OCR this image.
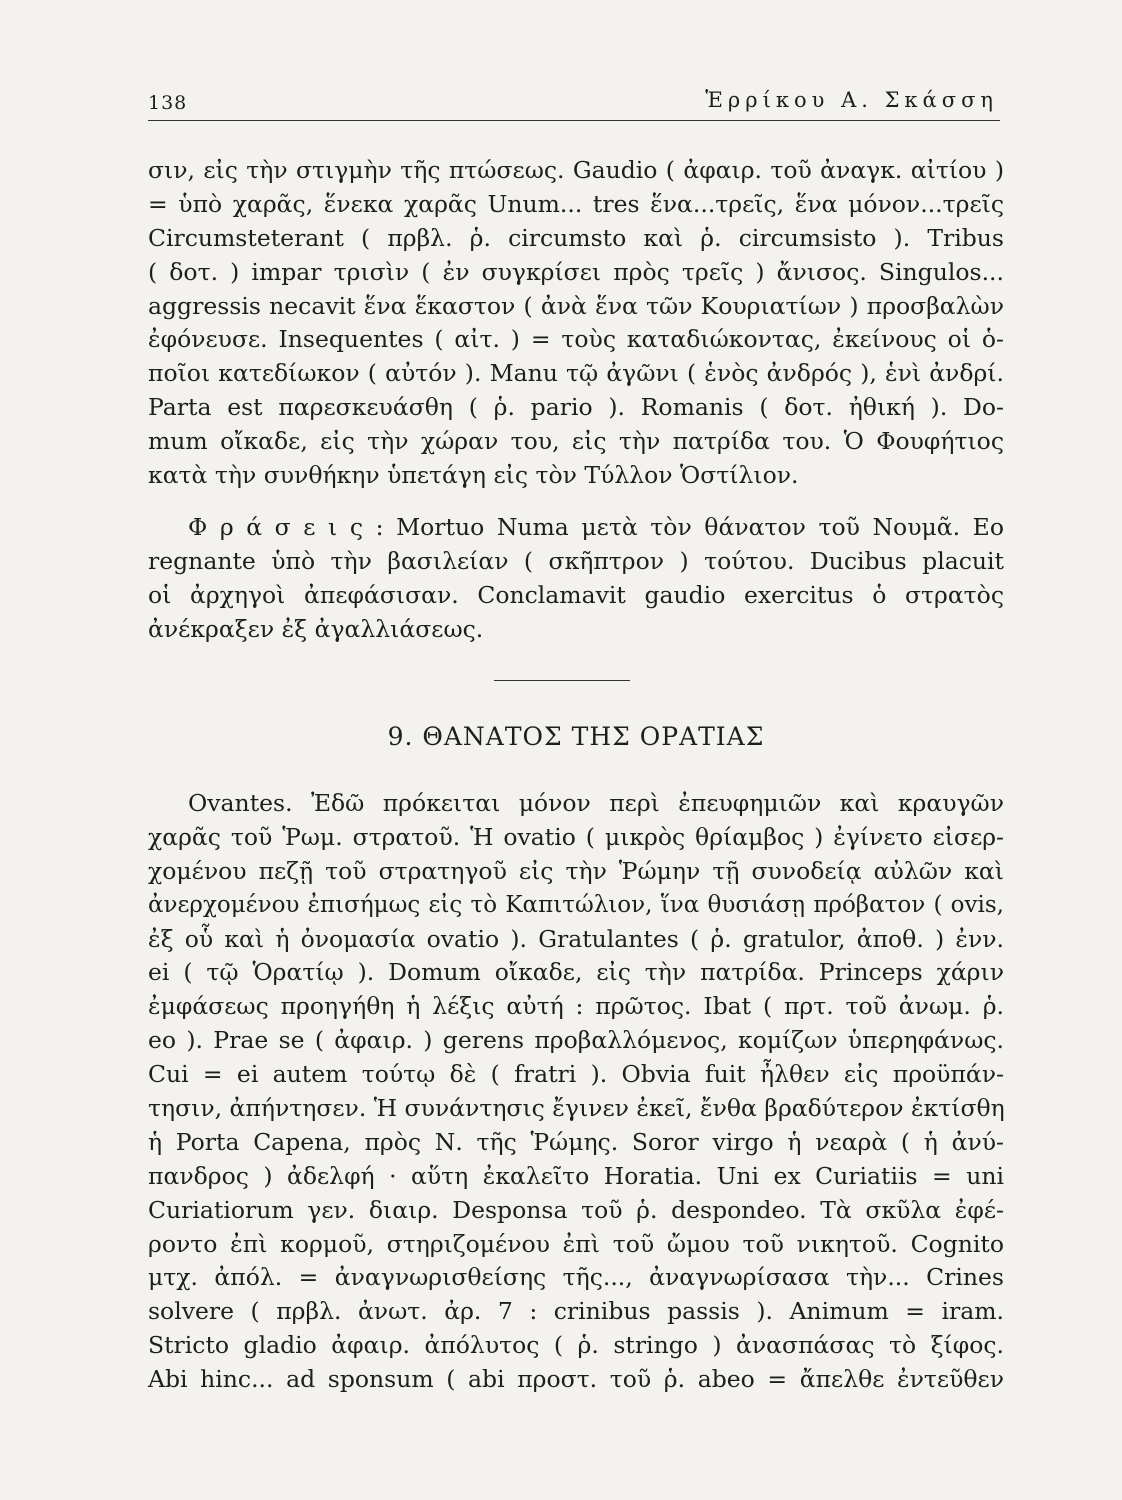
138	Ἑρρίκου Α. Σκάσση
σιν, εἰς τὴν στιγμὴν τῆς πτώσεως. Gaudio ( ἀφαιρ. τοῦ ἀναγκ. αἰτίου )
= ὑπὸ χαρᾶς, ἕνεκα χαρᾶς Unum... tres ἕνα...τρεῖς, ἕνα μόνον...τρεῖς
Circumsteterant ( πρβλ. ῥ. circumsto καὶ ῥ. circumsisto ). Tribus
( δοτ. ) impar τρισὶν ( ἐν συγκρίσει πρὸς τρεῖς ) ἄνισος. Singulos...
aggressis necavit ἕνα ἕκαστον ( ἀνὰ ἕνα τῶν Κουριατίων ) προσβαλὼν
ἐφόνευσε. Insequentes ( αἰτ. ) = τοὺς καταδιώκοντας, ἐκείνους οἱ ὁ-
ποῖοι κατεδίωκον ( αὐτόν ). Manu τῷ ἀγῶνι ( ἑνὸς ἀνδρός ), ἑνὶ ἀνδρί.
Parta est παρεσκευάσθη ( ῥ. pario ). Romanis ( δοτ. ἠθική ). Do-
mum οἴκαδε, εἰς τὴν χώραν του, εἰς τὴν πατρίδα του. Ὁ Φουφήτιος
κατὰ τὴν συνθήκην ὑπετάγη εἰς τὸν Τύλλον Ὁστίλιον.
Φ ρ ά σ ε ι ς : Mortuo Numa μετὰ τὸν θάνατον τοῦ Νουμᾶ. Eo
regnante ὑπὸ τὴν βασιλείαν ( σκῆπτρον ) τούτου. Ducibus placuit
οἱ ἀρχηγοὶ ἀπεφάσισαν. Conclamavit gaudio exercitus ὁ στρατὸς
ἀνέκραξεν ἐξ ἀγαλλιάσεως.
9. ΘΑΝΑΤΟΣ ΤΗΣ ΟΡΑΤΙΑΣ
Ovantes. Ἐδῶ πρόκειται μόνον περὶ ἐπευφημιῶν καὶ κραυγῶν
χαρᾶς τοῦ Ῥωμ. στρατοῦ. Ἡ ovatio ( μικρὸς θρίαμβος ) ἐγίνετο εἰσερ-
χομένου πεζῇ τοῦ στρατηγοῦ εἰς τὴν Ῥώμην τῇ συνοδείᾳ αὐλῶν καὶ
ἀνερχομένου ἐπισήμως εἰς τὸ Καπιτώλιον, ἵνα θυσιάσῃ πρόβατον ( ovis,
ἐξ οὗ καὶ ἡ ὀνομασία ovatio ). Gratulantes ( ῥ. gratulor, ἀποθ. ) ἐνν.
ei ( τῷ Ὁρατίῳ ). Domum οἴκαδε, εἰς τὴν πατρίδα. Princeps χάριν
ἐμφάσεως προηγήθη ἡ λέξις αὐτή : πρῶτος. Ibat ( πρτ. τοῦ ἀνωμ. ῥ.
eo ). Prae se ( ἀφαιρ. ) gerens προβαλλόμενος, κομίζων ὑπερηφάνως.
Cui = ei autem τούτῳ δὲ ( fratri ). Obvia fuit ἦλθεν εἰς προϋπάν-
τησιν, ἀπήντησεν. Ἡ συνάντησις ἔγινεν ἐκεῖ, ἔνθα βραδύτερον ἐκτίσθη
ἡ Porta Capena, πρὸς Ν. τῆς Ῥώμης. Soror virgo ἡ νεαρὰ ( ἡ ἀνύ-
πανδρος ) ἀδελφή · αὕτη ἐκαλεῖτο Horatia. Uni ex Curiatiis = uni
Curiatiorum γεν. διαιρ. Desponsa τοῦ ῥ. despondeo. Τὰ σκῦλα ἐφέ-
ροντο ἐπὶ κορμοῦ, στηριζομένου ἐπὶ τοῦ ὤμου τοῦ νικητοῦ. Cognito
μτχ. ἀπόλ. = ἀναγνωρισθείσης τῆς..., ἀναγνωρίσασα τὴν... Crines
solvere ( πρβλ. ἀνωτ. ἀρ. 7 : crinibus passis ). Animum = iram.
Stricto gladio ἀφαιρ. ἀπόλυτος ( ῥ. stringo ) ἀνασπάσας τὸ ξίφος.
Abi hinc... ad sponsum ( abi προστ. τοῦ ῥ. abeo = ἄπελθε ἐντεῦθεν
